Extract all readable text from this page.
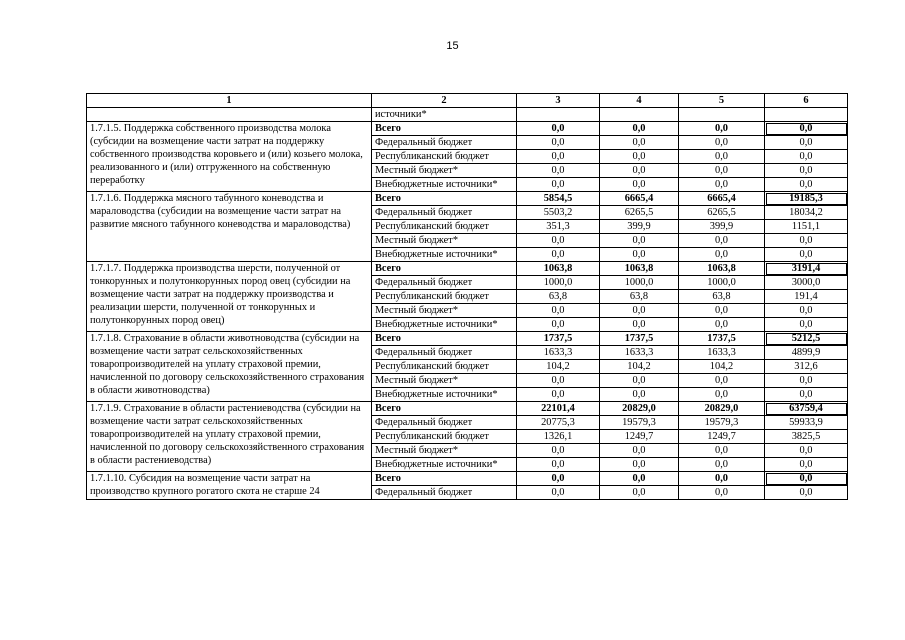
15
1	2	3	4	5	6
	источники*				
1.7.1.5. Поддержка собственного производства молока (субсидии на возмещение части затрат на поддержку собственного производства коровьего и (или) козьего молока, реализованного и (или) отгруженного на собственную переработку	Всего	0,0	0,0	0,0	0,0
	Федеральный бюджет	0,0	0,0	0,0	0,0
	Республиканский бюджет	0,0	0,0	0,0	0,0
	Местный бюджет*	0,0	0,0	0,0	0,0
	Внебюджетные источники*	0,0	0,0	0,0	0,0
1.7.1.6. Поддержка мясного табунного коневодства и мараловодства (субсидии на возмещение части затрат на развитие мясного табунного коневодства и мараловодства)	Всего	5854,5	6665,4	6665,4	19185,3
	Федеральный бюджет	5503,2	6265,5	6265,5	18034,2
	Республиканский бюджет	351,3	399,9	399,9	1151,1
	Местный бюджет*	0,0	0,0	0,0	0,0
	Внебюджетные источники*	0,0	0,0	0,0	0,0
1.7.1.7. Поддержка производства шерсти, полученной от тонкорунных и полутонкорунных пород овец (субсидии на возмещение части затрат на поддержку производства и реализации шерсти, полученной от тонкорунных и полутонкорунных пород овец)	Всего	1063,8	1063,8	1063,8	3191,4
	Федеральный бюджет	1000,0	1000,0	1000,0	3000,0
	Республиканский бюджет	63,8	63,8	63,8	191,4
	Местный бюджет*	0,0	0,0	0,0	0,0
	Внебюджетные источники*	0,0	0,0	0,0	0,0
1.7.1.8. Страхование в области животноводства (субсидии на возмещение части затрат сельскохозяйственных товаропроизводителей на уплату страховой премии, начисленной по договору сельскохозяйственного страхования в области животноводства)	Всего	1737,5	1737,5	1737,5	5212,5
	Федеральный бюджет	1633,3	1633,3	1633,3	4899,9
	Республиканский бюджет	104,2	104,2	104,2	312,6
	Местный бюджет*	0,0	0,0	0,0	0,0
	Внебюджетные источники*	0,0	0,0	0,0	0,0
1.7.1.9. Страхование в области растениеводства (субсидии на возмещение части затрат сельскохозяйственных товаропроизводителей на уплату страховой премии, начисленной по договору сельскохозяйственного страхования в области растениеводства)	Всего	22101,4	20829,0	20829,0	63759,4
	Федеральный бюджет	20775,3	19579,3	19579,3	59933,9
	Республиканский бюджет	1326,1	1249,7	1249,7	3825,5
	Местный бюджет*	0,0	0,0	0,0	0,0
	Внебюджетные источники*	0,0	0,0	0,0	0,0
1.7.1.10. Субсидия на возмещение части затрат на производство крупного рогатого скота не старше 24	Всего	0,0	0,0	0,0	0,0
	Федеральный бюджет	0,0	0,0	0,0	0,0
